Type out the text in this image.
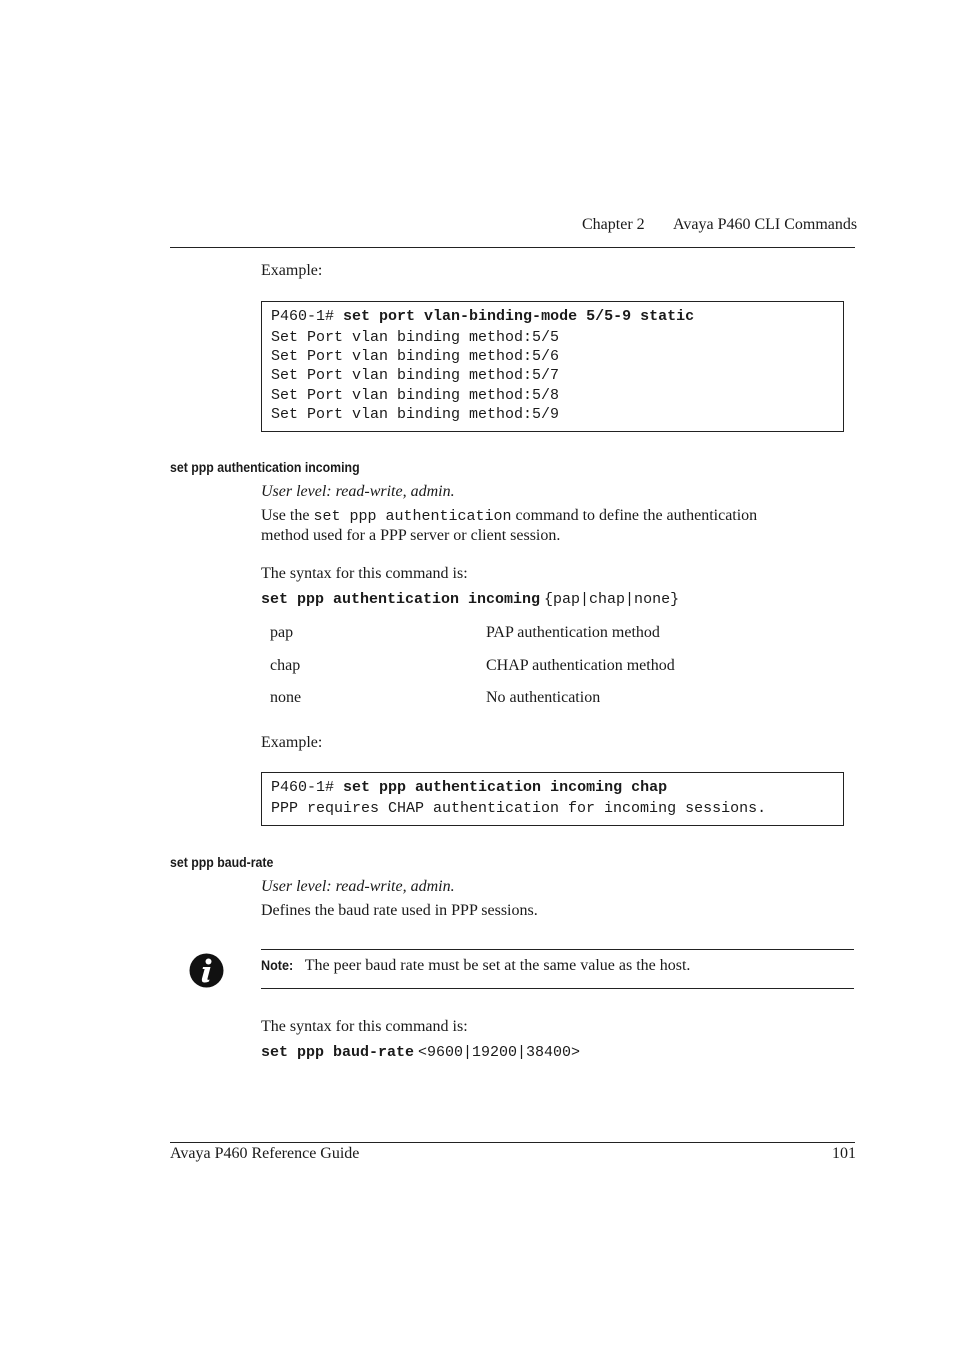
Chapter 2 Avaya P460 CLI Commands
Example:
P460-1# set port vlan-binding-mode 5/5-9 static
Set Port vlan binding method:5/5
Set Port vlan binding method:5/6
Set Port vlan binding method:5/7
Set Port vlan binding method:5/8
Set Port vlan binding method:5/9
set ppp authentication incoming
User level: read-write, admin.
Use the set ppp authentication command to define the authentication
method used for a PPP server or client session.
The syntax for this command is:
set ppp authentication incoming {pap|chap|none}
pap	PAP authentication method
chap	CHAP authentication method
none	No authentication
Example:
P460-1# set ppp authentication incoming chap
PPP requires CHAP authentication for incoming sessions.
set ppp baud-rate
User level: read-write, admin.
Defines the baud rate used in PPP sessions.
Note: The peer baud rate must be set at the same value as the host.
The syntax for this command is:
set ppp baud-rate <9600|19200|38400>
Avaya P460 Reference Guide	101
